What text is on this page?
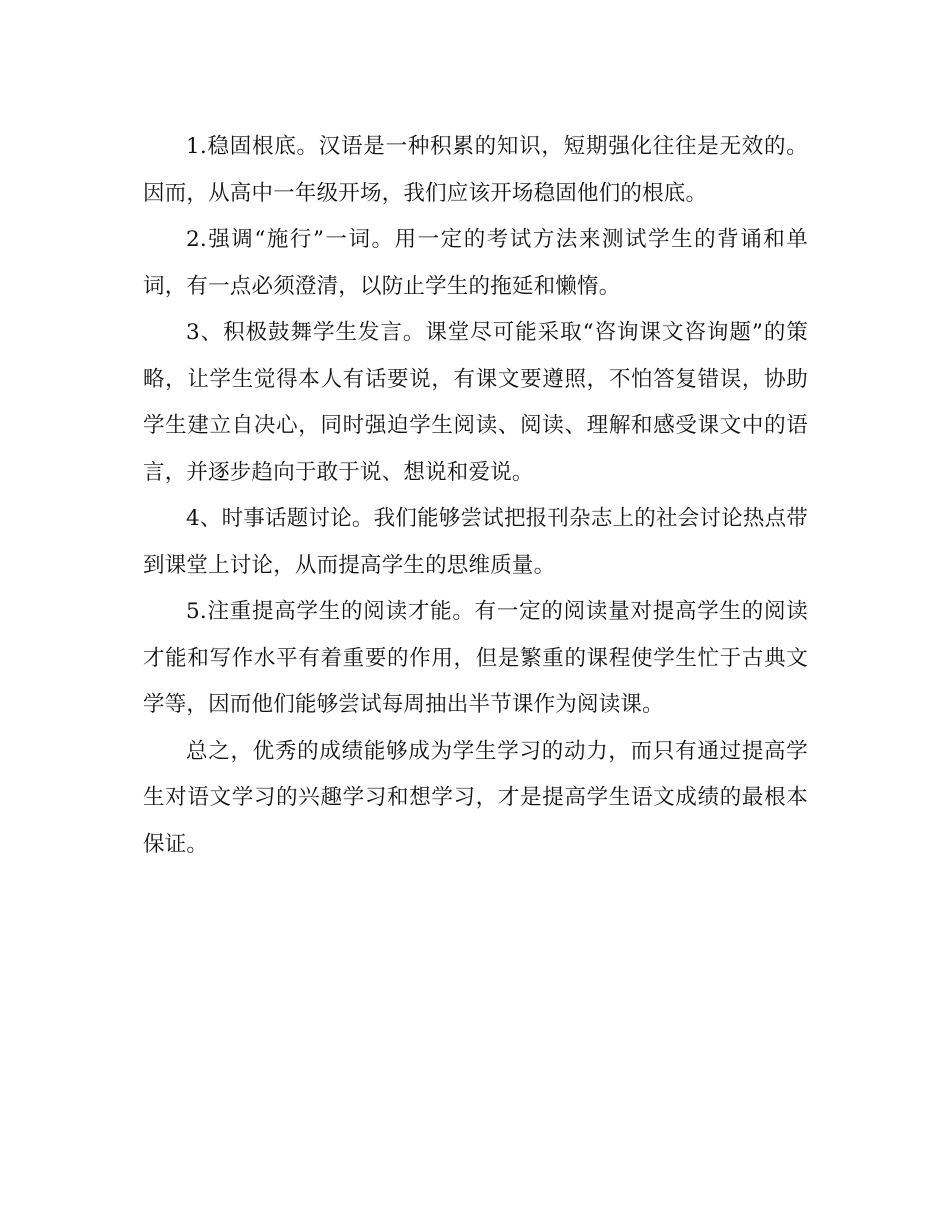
1.稳固根底。汉语是一种积累的知识，短期强化往往是无效的。因而，从高中一年级开场，我们应该开场稳固他们的根底。

2.强调“施行”一词。用一定的考试方法来测试学生的背诵和单词，有一点必须澄清，以防止学生的拖延和懒惰。

3、积极鼓舞学生发言。课堂尽可能采取“咨询课文咨询题”的策略，让学生觉得本人有话要说，有课文要遵照，不怕答复错误，协助学生建立自决心，同时强迫学生阅读、阅读、理解和感受课文中的语言，并逐步趋向于敢于说、想说和爱说。

4、时事话题讨论。我们能够尝试把报刊杂志上的社会讨论热点带到课堂上讨论，从而提高学生的思维质量。

5.注重提高学生的阅读才能。有一定的阅读量对提高学生的阅读才能和写作水平有着重要的作用，但是繁重的课程使学生忙于古典文学等，因而他们能够尝试每周抽出半节课作为阅读课。

总之，优秀的成绩能够成为学生学习的动力，而只有通过提高学生对语文学习的兴趣学习和想学习，才是提高学生语文成绩的最根本保证。
